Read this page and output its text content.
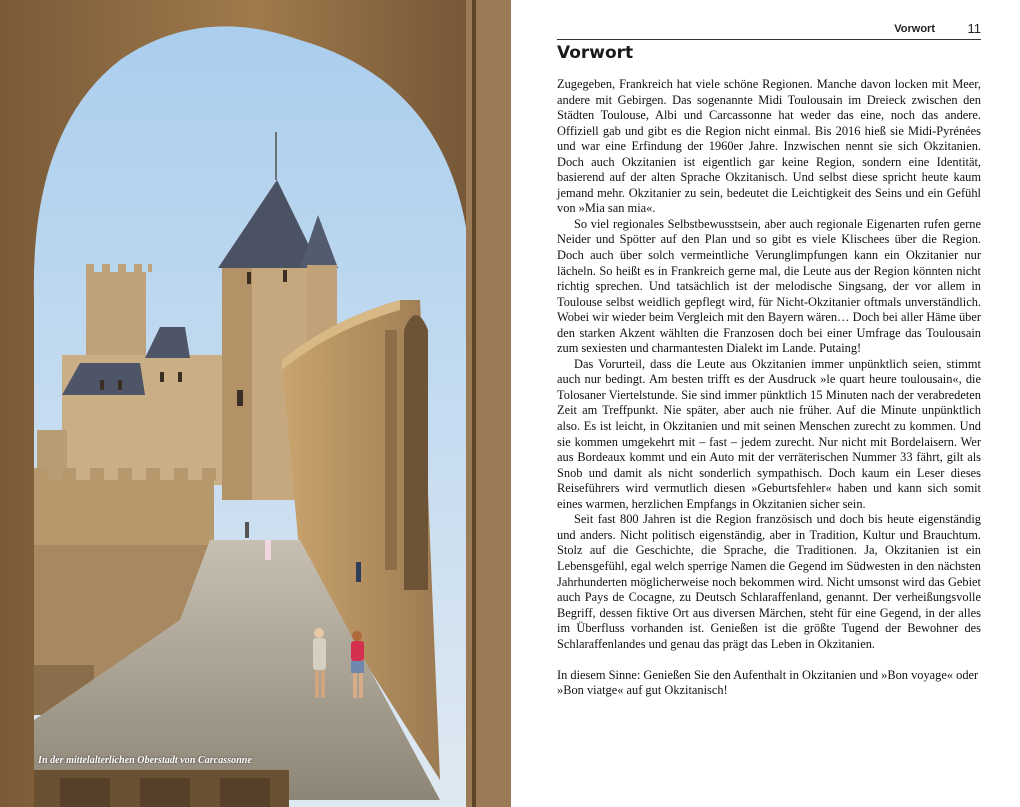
In der mittelalterlichen Oberstadt von Carcassonne
Vorwort	11
Vorwort

Zugegeben, Frankreich hat viele schöne Regionen. Manche davon locken mit Meer, andere mit Gebirgen. Das sogenannte Midi Toulousain im Dreieck zwischen den Städten Toulouse, Albi und Carcassonne hat weder das eine, noch das andere. Offiziell gab und gibt es die Region nicht einmal. Bis 2016 hieß sie Midi-Pyrénées und war eine Erfindung der 1960er Jahre. Inzwischen nennt sie sich Okzitanien. Doch auch Okzitanien ist eigentlich gar keine Region, sondern eine Identität, basierend auf der alten Sprache Okzitanisch. Und selbst diese spricht heute kaum jemand mehr. Okzitanier zu sein, bedeutet die Leichtigkeit des Seins und ein Gefühl von »Mia san mia«.

So viel regionales Selbstbewusstsein, aber auch regionale Eigenarten rufen gerne Neider und Spötter auf den Plan und so gibt es viele Klischees über die Region. Doch auch über solch vermeintliche Verunglimpfungen kann ein Okzitanier nur lächeln. So heißt es in Frankreich gerne mal, die Leute aus der Region könnten nicht richtig sprechen. Und tatsächlich ist der melodische Singsang, der vor allem in Toulouse selbst weidlich gepflegt wird, für Nicht-Okzitanier oftmals unverständlich. Wobei wir wieder beim Vergleich mit den Bayern wären… Doch bei aller Häme über den starken Akzent wählten die Franzosen doch bei einer Umfrage das Toulousain zum sexiesten und charmantesten Dialekt im Lande. Putaing!

Das Vorurteil, dass die Leute aus Okzitanien immer unpünktlich seien, stimmt auch nur bedingt. Am besten trifft es der Ausdruck »le quart heure toulousain«, die Tolosaner Viertelstunde. Sie sind immer pünktlich 15 Minuten nach der verabredeten Zeit am Treffpunkt. Nie später, aber auch nie früher. Auf die Minute unpünktlich also. Es ist leicht, in Okzitanien und mit seinen Menschen zurecht zu kommen. Und sie kommen umgekehrt mit – fast – jedem zurecht. Nur nicht mit Bordelaisern. Wer aus Bordeaux kommt und ein Auto mit der verräterischen Nummer 33 fährt, gilt als Snob und damit als nicht sonderlich sympathisch. Doch kaum ein Leser dieses Reiseführers wird vermutlich diesen »Geburtsfehler« haben und kann sich somit eines warmen, herzlichen Empfangs in Okzitanien sicher sein.

Seit fast 800 Jahren ist die Region französisch und doch bis heute eigenständig und anders. Nicht politisch eigenständig, aber in Tradition, Kultur und Brauchtum. Stolz auf die Geschichte, die Sprache, die Traditionen. Ja, Okzitanien ist ein Lebensgefühl, egal welch sperrige Namen die Gegend im Südwesten in den nächsten Jahrhunderten möglicherweise noch bekommen wird. Nicht umsonst wird das Gebiet auch Pays de Cocagne, zu Deutsch Schlaraffenland, genannt. Der verheißungsvolle Begriff, dessen fiktive Ort aus diversen Märchen, steht für eine Gegend, in der alles im Überfluss vorhanden ist. Genießen ist die größte Tugend der Bewohner des Schlaraffenlandes und genau das prägt das Leben in Okzitanien.

In diesem Sinne: Genießen Sie den Aufenthalt in Okzitanien und »Bon voyage« oder »Bon viatge« auf gut Okzitanisch!
